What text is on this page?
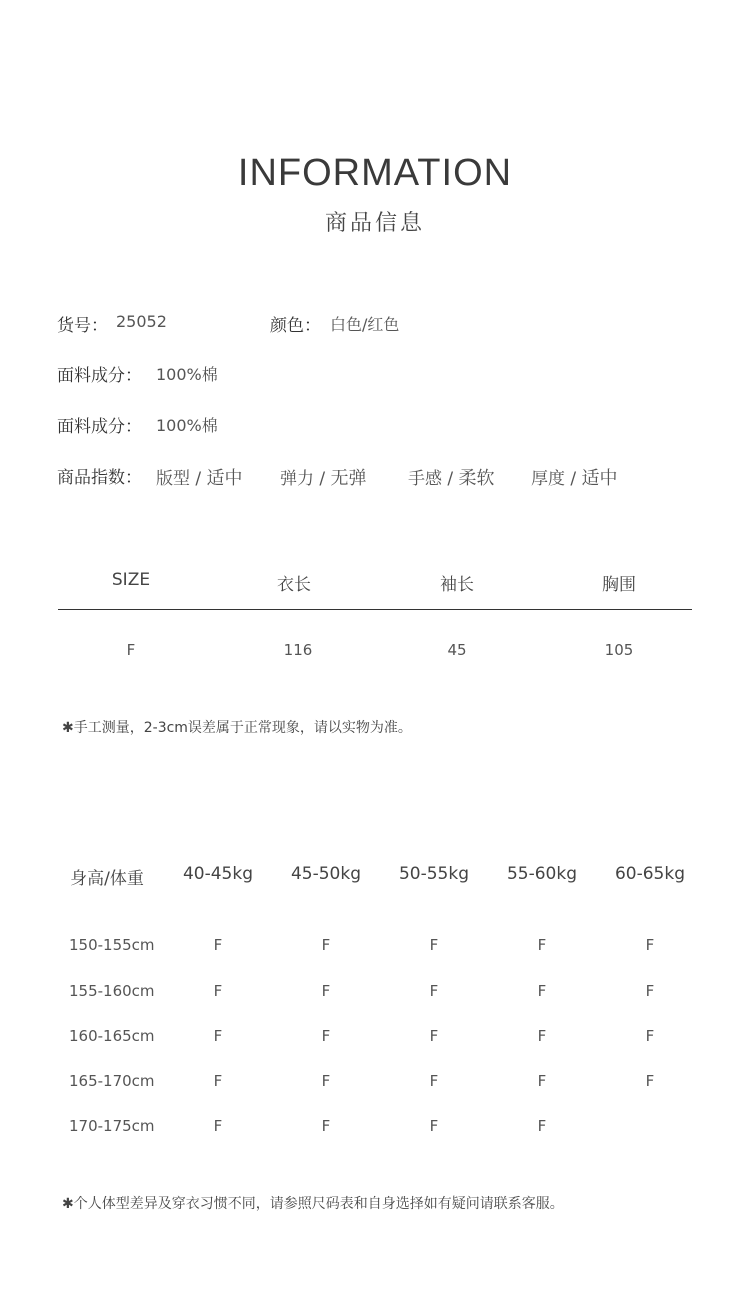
INFORMATION
商品信息
货号： 25052	颜色： 白色/红色
面料成分： 100%棉
面料成分： 100%棉
商品指数： 版型 / 适中 弹力 / 无弹 手感 / 柔软 厚度 / 适中
SIZE	衣长	袖长	胸围
F	116	45	105
✱手工测量，2-3cm误差属于正常现象，请以实物为准。
身高/体重	40-45kg	45-50kg	50-55kg	55-60kg	60-65kg
150-155cm	F	F	F	F	F
155-160cm	F	F	F	F	F
160-165cm	F	F	F	F	F
165-170cm	F	F	F	F	F
170-175cm	F	F	F	F
✱个人体型差异及穿衣习惯不同，请参照尺码表和自身选择如有疑问请联系客服。
